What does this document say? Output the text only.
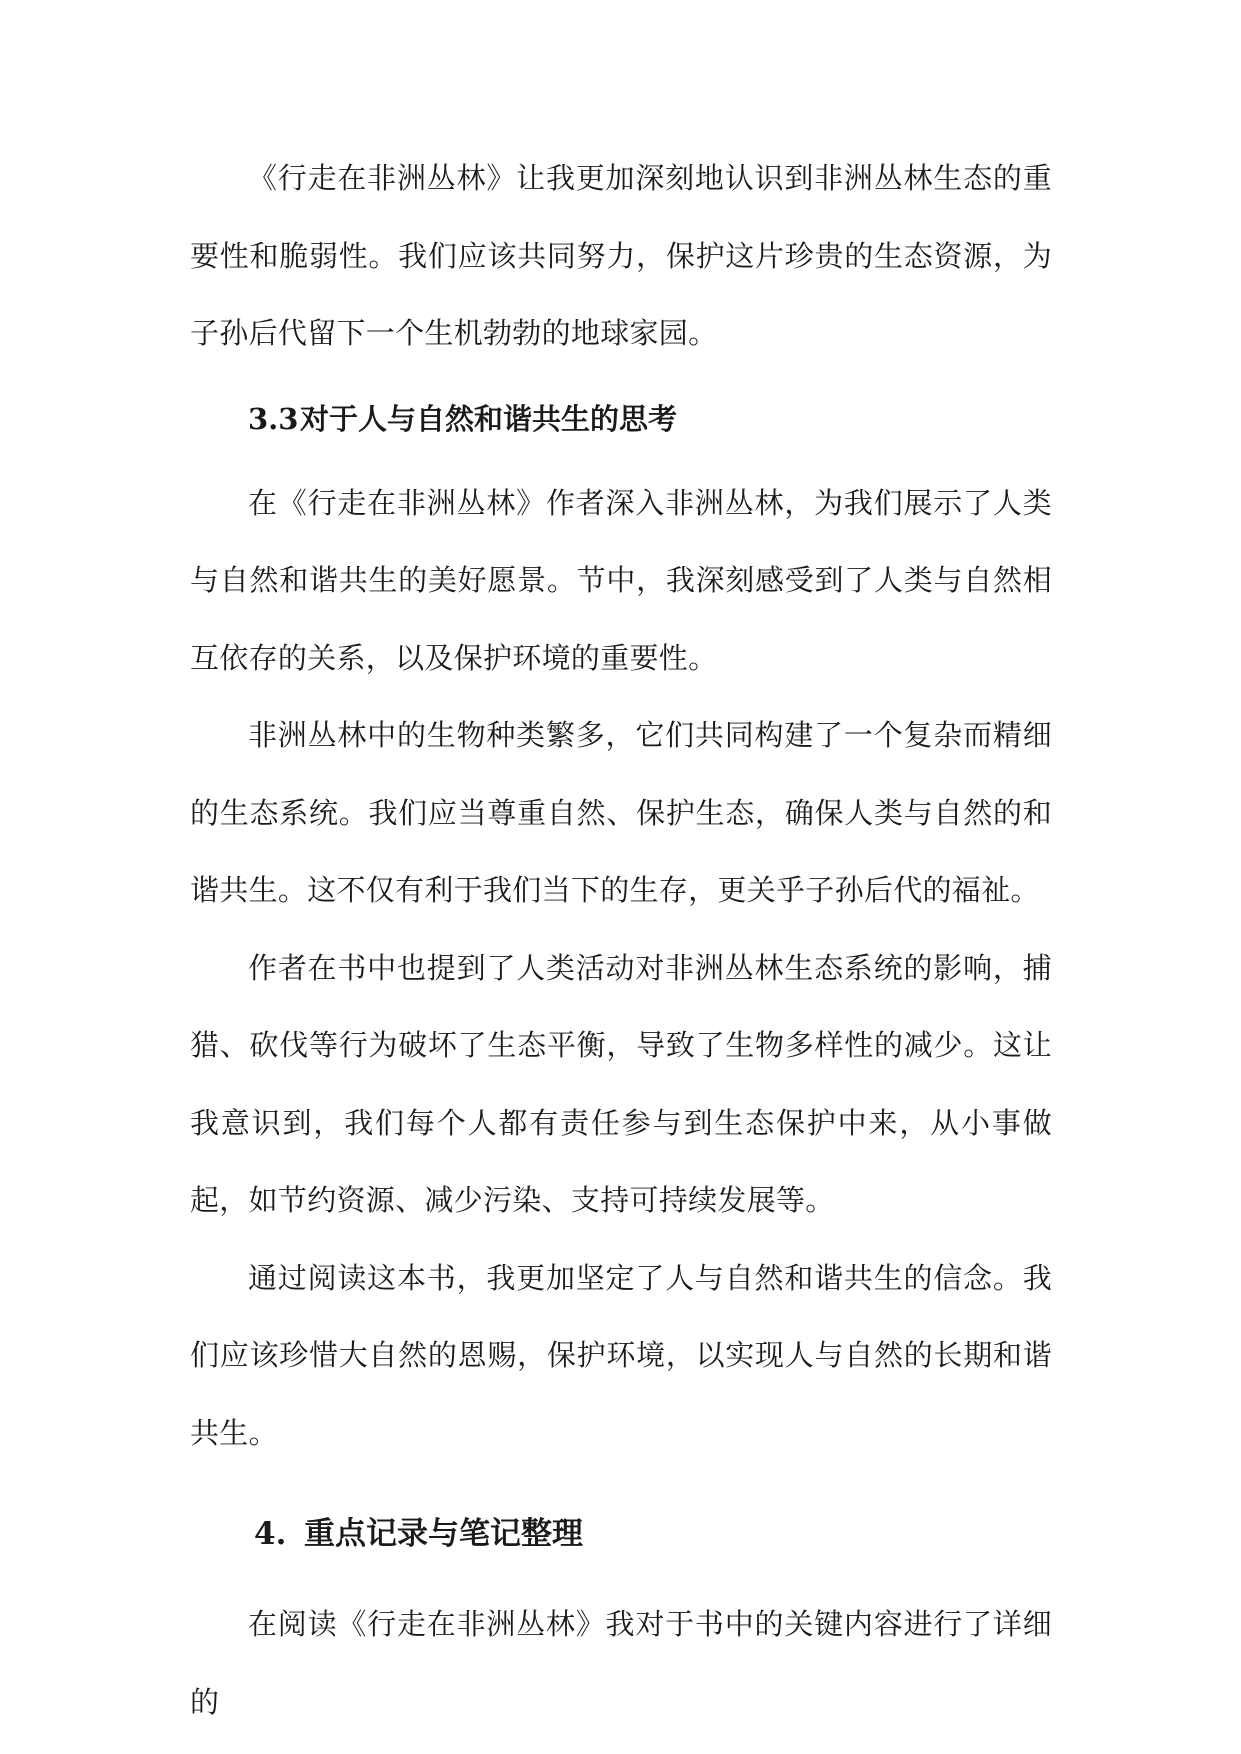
《行走在非洲丛林》让我更加深刻地认识到非洲丛林生态的重要性和脆弱性。我们应该共同努力，保护这片珍贵的生态资源，为子孙后代留下一个生机勃勃的地球家园。

3.3对于人与自然和谐共生的思考

在《行走在非洲丛林》作者深入非洲丛林，为我们展示了人类与自然和谐共生的美好愿景。节中，我深刻感受到了人类与自然相互依存的关系，以及保护环境的重要性。

非洲丛林中的生物种类繁多，它们共同构建了一个复杂而精细的生态系统。我们应当尊重自然、保护生态，确保人类与自然的和谐共生。这不仅有利于我们当下的生存，更关乎子孙后代的福祉。

作者在书中也提到了人类活动对非洲丛林生态系统的影响，捕猎、砍伐等行为破坏了生态平衡，导致了生物多样性的减少。这让我意识到，我们每个人都有责任参与到生态保护中来，从小事做起，如节约资源、减少污染、支持可持续发展等。

通过阅读这本书，我更加坚定了人与自然和谐共生的信念。我们应该珍惜大自然的恩赐，保护环境，以实现人与自然的长期和谐共生。

4. 重点记录与笔记整理

在阅读《行走在非洲丛林》我对于书中的关键内容进行了详细的
